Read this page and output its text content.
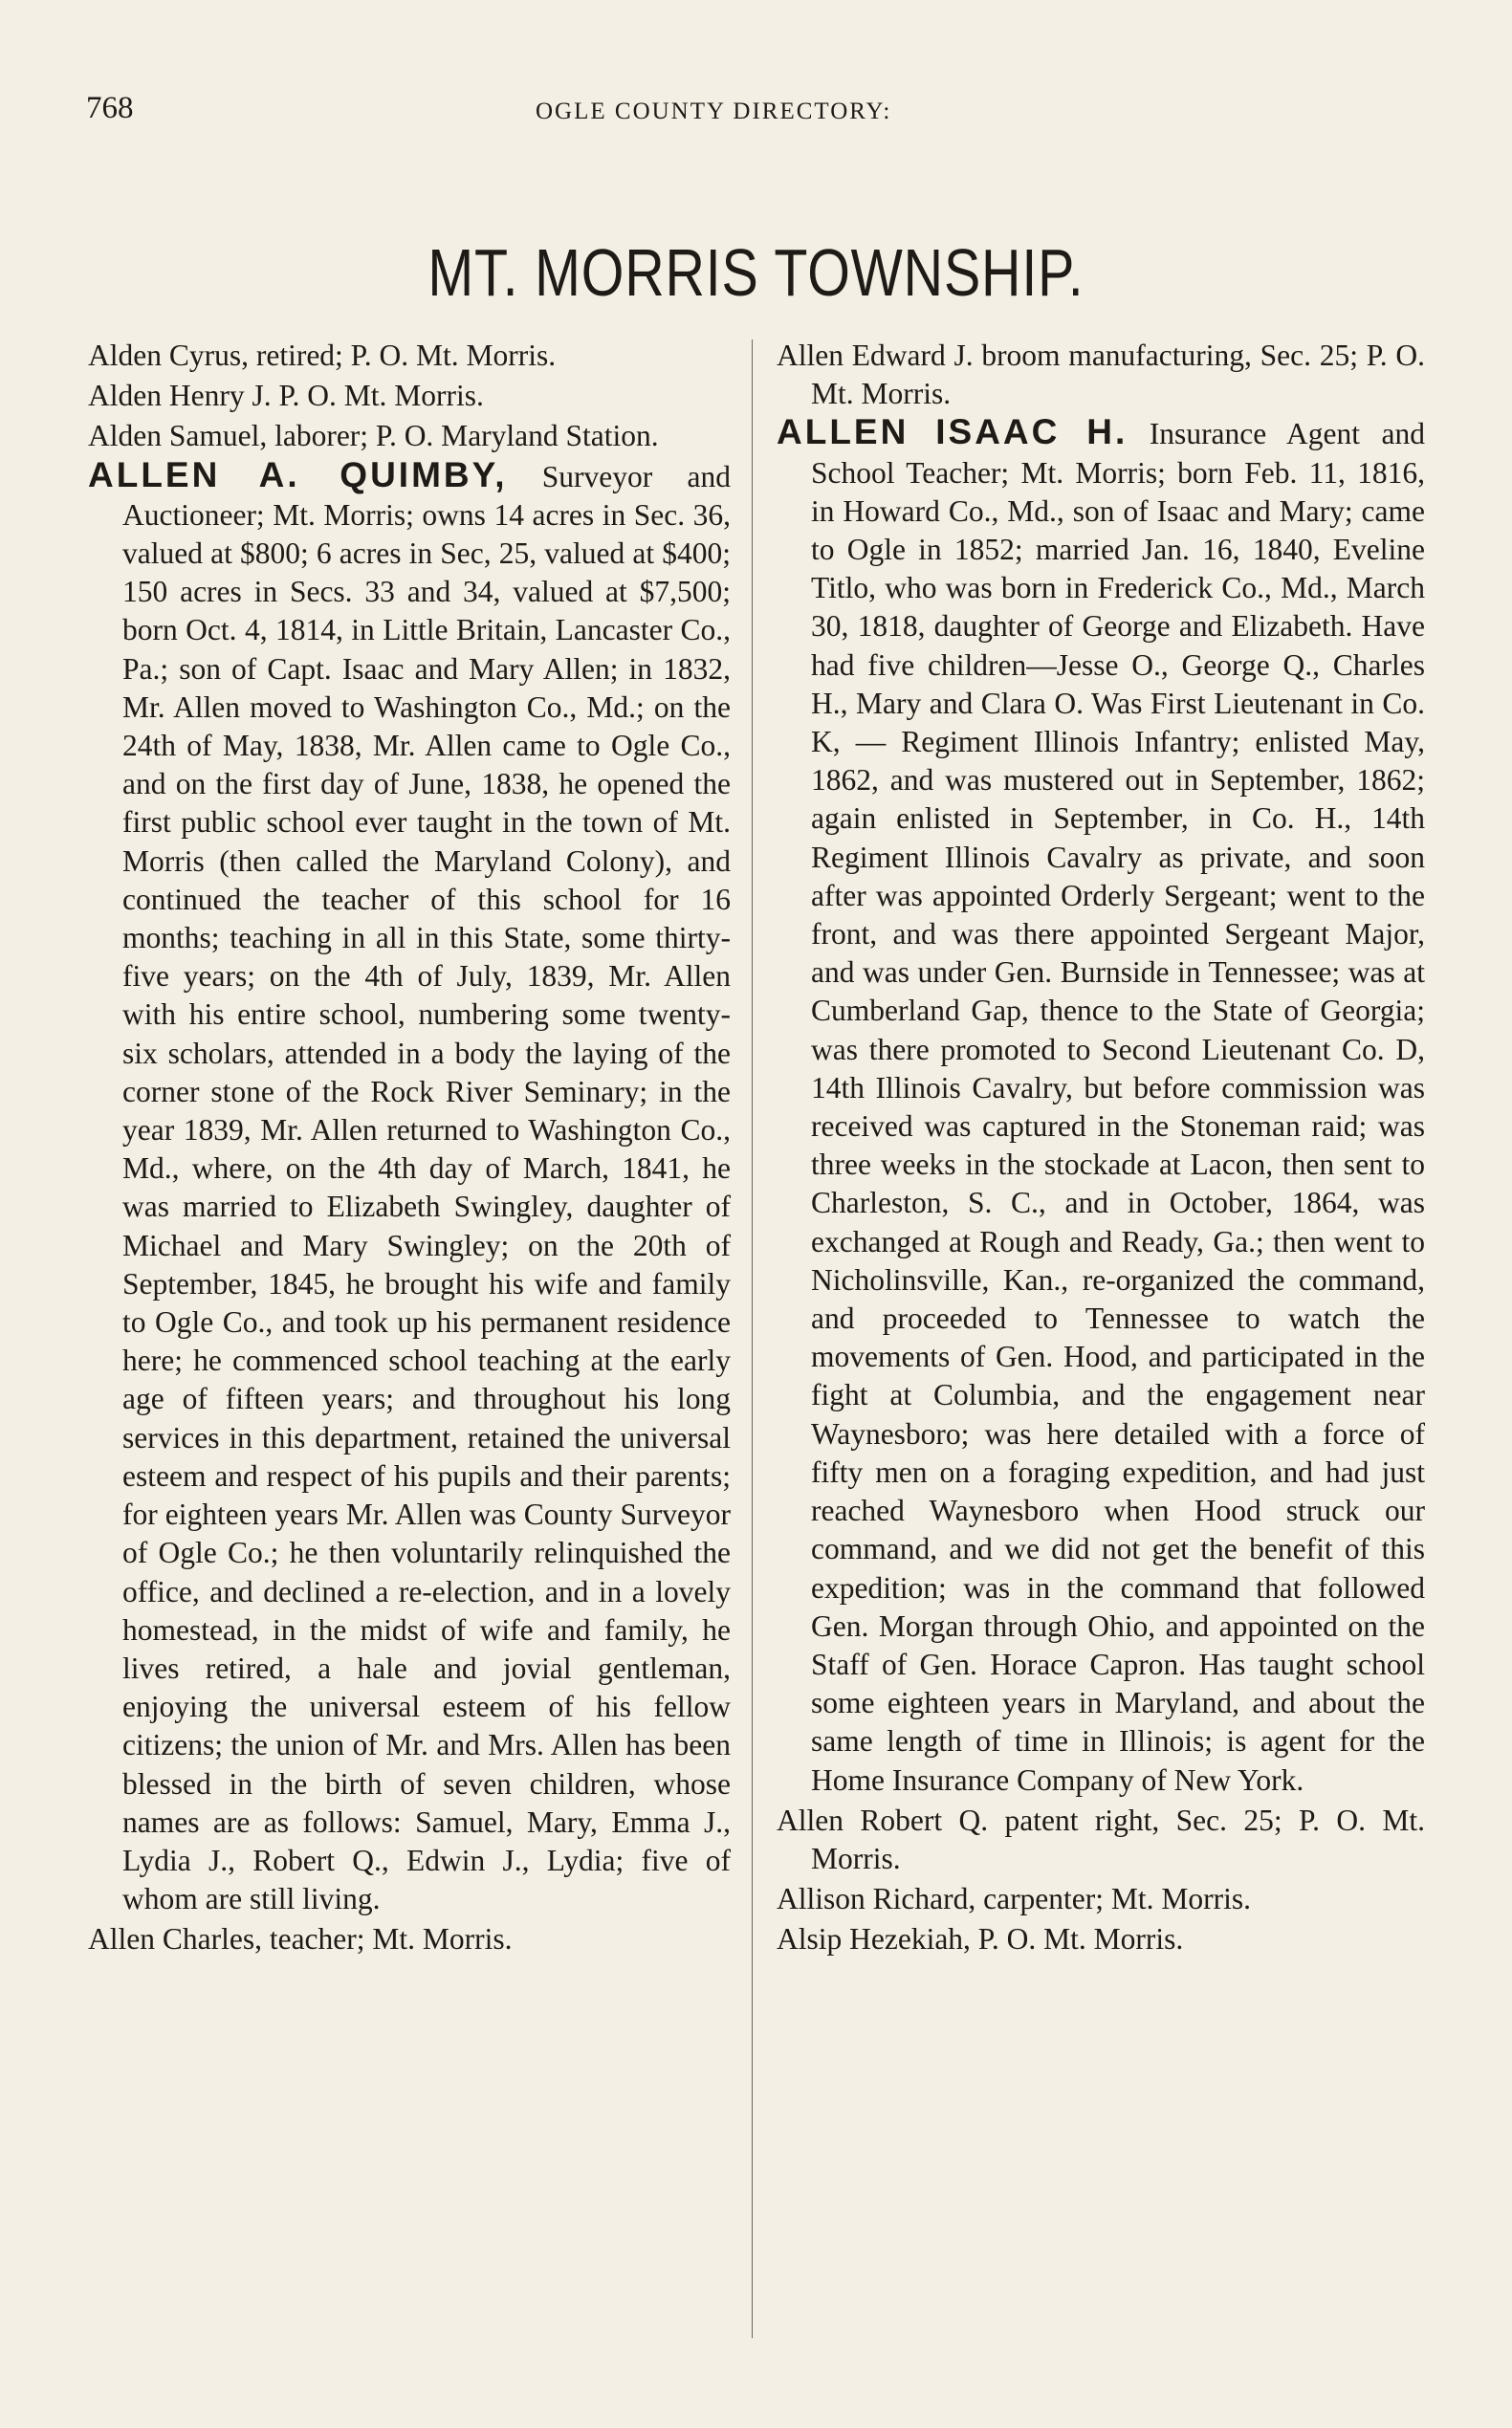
768	OGLE COUNTY DIRECTORY:
MT. MORRIS TOWNSHIP.

Alden Cyrus, retired; P. O. Mt. Morris.

Alden Henry J. P. O. Mt. Morris.

Alden Samuel, laborer; P. O. Maryland Station.

ALLEN A. QUIMBY, Surveyor and Auctioneer; Mt. Morris; owns 14 acres in Sec. 36, valued at $800; 6 acres in Sec, 25, valued at $400; 150 acres in Secs. 33 and 34, valued at $7,500; born Oct. 4, 1814, in Little Britain, Lancaster Co., Pa.; son of Capt. Isaac and Mary Allen; in 1832, Mr. Allen moved to Washington Co., Md.; on the 24th of May, 1838, Mr. Allen came to Ogle Co., and on the first day of June, 1838, he opened the first public school ever taught in the town of Mt. Morris (then called the Maryland Colony), and continued the teacher of this school for 16 months; teaching in all in this State, some thirty-five years; on the 4th of July, 1839, Mr. Allen with his entire school, numbering some twenty-six scholars, attended in a body the laying of the corner stone of the Rock River Seminary; in the year 1839, Mr. Allen returned to Washington Co., Md., where, on the 4th day of March, 1841, he was married to Elizabeth Swingley, daughter of Michael and Mary Swingley; on the 20th of September, 1845, he brought his wife and family to Ogle Co., and took up his permanent residence here; he commenced school teaching at the early age of fifteen years; and throughout his long services in this department, retained the universal esteem and respect of his pupils and their parents; for eighteen years Mr. Allen was County Surveyor of Ogle Co.; he then voluntarily relinquished the office, and declined a re-election, and in a lovely homestead, in the midst of wife and family, he lives retired, a hale and jovial gentleman, enjoying the universal esteem of his fellow citizens; the union of Mr. and Mrs. Allen has been blessed in the birth of seven children, whose names are as follows: Samuel, Mary, Emma J., Lydia J., Robert Q., Edwin J., Lydia; five of whom are still living.

Allen Charles, teacher; Mt. Morris.

Allen Edward J. broom manufacturing, Sec. 25; P. O. Mt. Morris.

ALLEN ISAAC H. Insurance Agent and School Teacher; Mt. Morris; born Feb. 11, 1816, in Howard Co., Md., son of Isaac and Mary; came to Ogle in 1852; married Jan. 16, 1840, Eveline Titlo, who was born in Frederick Co., Md., March 30, 1818, daughter of George and Elizabeth. Have had five children—Jesse O., George Q., Charles H., Mary and Clara O. Was First Lieutenant in Co. K, — Regiment Illinois Infantry; enlisted May, 1862, and was mustered out in September, 1862; again enlisted in September, in Co. H., 14th Regiment Illinois Cavalry as private, and soon after was appointed Orderly Sergeant; went to the front, and was there appointed Sergeant Major, and was under Gen. Burnside in Tennessee; was at Cumberland Gap, thence to the State of Georgia; was there promoted to Second Lieutenant Co. D, 14th Illinois Cavalry, but before commission was received was captured in the Stoneman raid; was three weeks in the stockade at Lacon, then sent to Charleston, S. C., and in October, 1864, was exchanged at Rough and Ready, Ga.; then went to Nicholinsville, Kan., re-organized the command, and proceeded to Tennessee to watch the movements of Gen. Hood, and participated in the fight at Columbia, and the engagement near Waynesboro; was here detailed with a force of fifty men on a foraging expedition, and had just reached Waynesboro when Hood struck our command, and we did not get the benefit of this expedition; was in the command that followed Gen. Morgan through Ohio, and appointed on the Staff of Gen. Horace Capron. Has taught school some eighteen years in Maryland, and about the same length of time in Illinois; is agent for the Home Insurance Company of New York.

Allen Robert Q. patent right, Sec. 25; P. O. Mt. Morris.

Allison Richard, carpenter; Mt. Morris.

Alsip Hezekiah, P. O. Mt. Morris.
